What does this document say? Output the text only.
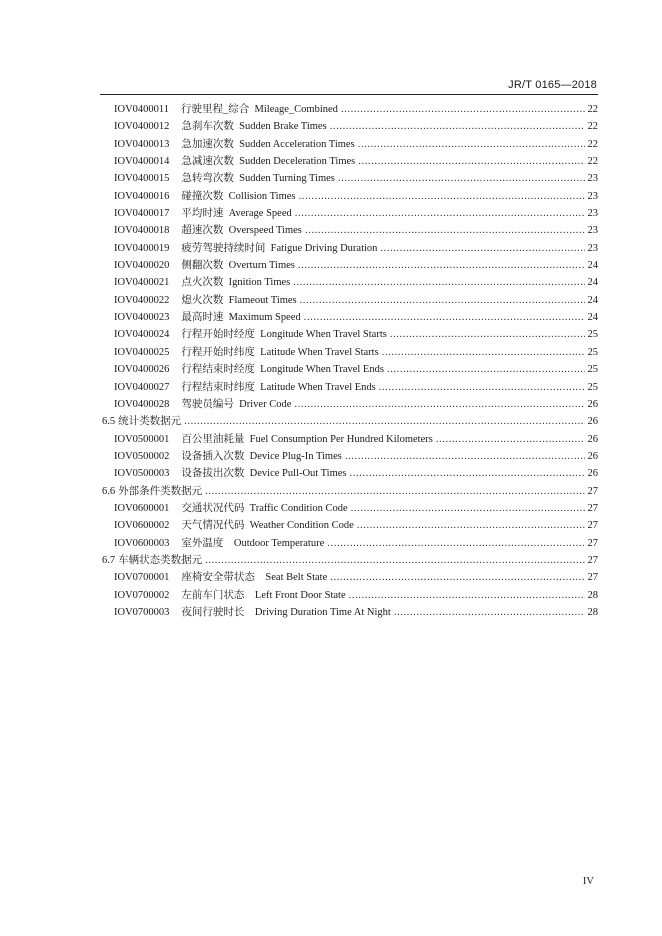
JR/T 0165—2018
IOV0400011 行驶里程_综合  Mileage_Combined .....	22
IOV0400012 急刹车次数  Sudden Brake Times .....	22
IOV0400013 急加速次数  Sudden Acceleration Times .....	22
IOV0400014 急减速次数  Sudden Deceleration Times .....	22
IOV0400015 急转弯次数  Sudden Turning Times .....	23
IOV0400016 碰撞次数  Collision Times .....	23
IOV0400017 平均时速  Average Speed .....	23
IOV0400018 超速次数  Overspeed Times .....	23
IOV0400019 疲劳驾驶持续时间  Fatigue Driving Duration .....	23
IOV0400020 侧翻次数  Overturn Times .....	24
IOV0400021 点火次数  Ignition Times .....	24
IOV0400022 熄火次数  Flameout Times .....	24
IOV0400023 最高时速  Maximum Speed .....	24
IOV0400024 行程开始时经度  Longitude When Travel Starts .....	25
IOV0400025 行程开始时纬度  Latitude When Travel Starts .....	25
IOV0400026 行程结束时经度  Longitude When Travel Ends .....	25
IOV0400027 行程结束时纬度  Latitude When Travel Ends .....	25
IOV0400028 驾驶员编号  Driver Code .....	26
6.5 统计类数据元 .....	26
IOV0500001 百公里油耗量  Fuel Consumption Per Hundred Kilometers .....	26
IOV0500002 设备插入次数  Device Plug-In Times .....	26
IOV0500003 设备拔出次数  Device Pull-Out Times .....	26
6.6 外部条件类数据元 .....	27
IOV0600001 交通状况代码  Traffic Condition Code .....	27
IOV0600002 天气情况代码  Weather Condition Code .....	27
IOV0600003 室外温度    Outdoor Temperature .....	27
6.7 车辆状态类数据元 .....	27
IOV0700001 座椅安全带状态    Seat Belt State .....	27
IOV0700002 左前车门状态    Left Front Door State .....	28
IOV0700003 夜间行驶时长    Driving Duration Time At Night .....	28
IV
